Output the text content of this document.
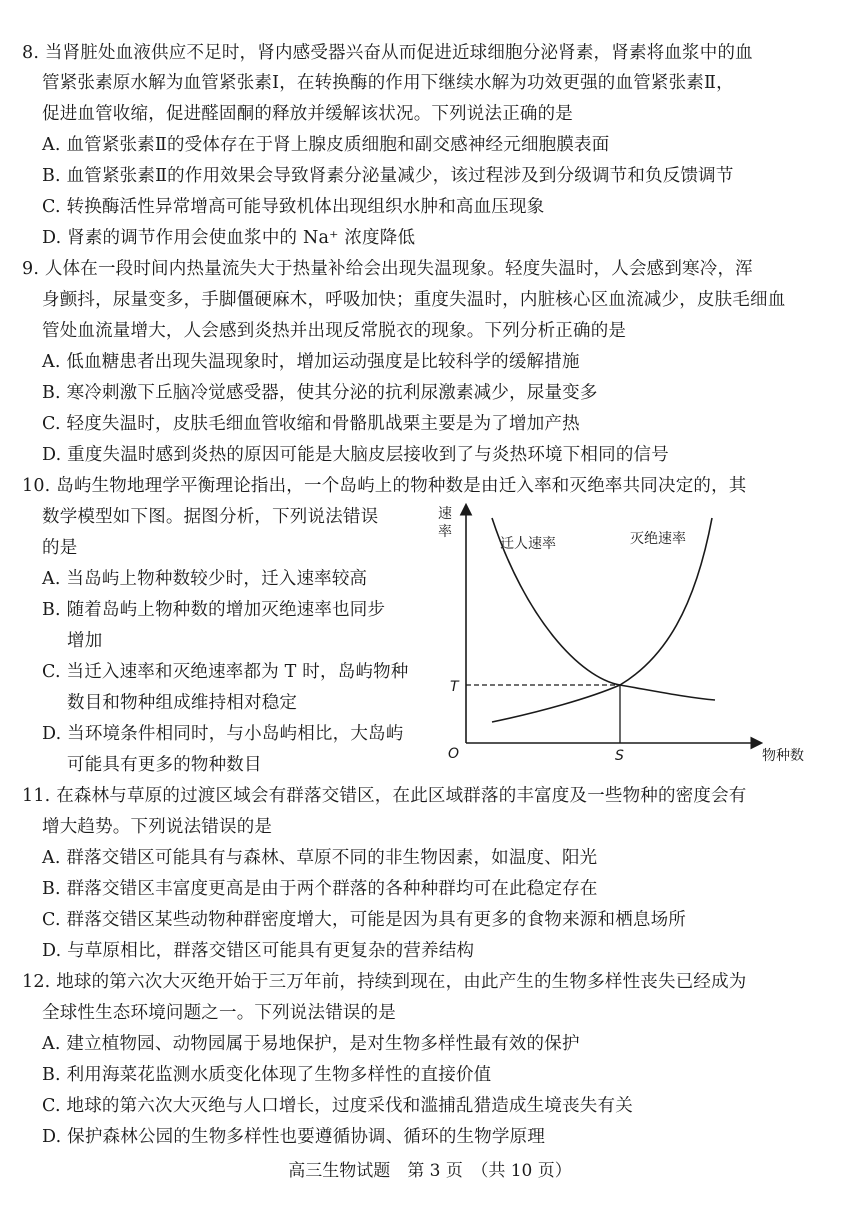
8. 当肾脏处血液供应不足时，肾内感受器兴奋从而促进近球细胞分泌肾素，肾素将血浆中的血
管紧张素原水解为血管紧张素Ⅰ，在转换酶的作用下继续水解为功效更强的血管紧张素Ⅱ，
促进血管收缩，促进醛固酮的释放并缓解该状况。下列说法正确的是
A. 血管紧张素Ⅱ的受体存在于肾上腺皮质细胞和副交感神经元细胞膜表面
B. 血管紧张素Ⅱ的作用效果会导致肾素分泌量减少，该过程涉及到分级调节和负反馈调节
C. 转换酶活性异常增高可能导致机体出现组织水肿和高血压现象
D. 肾素的调节作用会使血浆中的 Na⁺ 浓度降低
9. 人体在一段时间内热量流失大于热量补给会出现失温现象。轻度失温时，人会感到寒冷，浑
身颤抖，尿量变多，手脚僵硬麻木，呼吸加快；重度失温时，内脏核心区血流减少，皮肤毛细血
管处血流量增大，人会感到炎热并出现反常脱衣的现象。下列分析正确的是
A. 低血糖患者出现失温现象时，增加运动强度是比较科学的缓解措施
B. 寒冷刺激下丘脑冷觉感受器，使其分泌的抗利尿激素减少，尿量变多
C. 轻度失温时，皮肤毛细血管收缩和骨骼肌战栗主要是为了增加产热
D. 重度失温时感到炎热的原因可能是大脑皮层接收到了与炎热环境下相同的信号
10. 岛屿生物地理学平衡理论指出，一个岛屿上的物种数是由迁入率和灭绝率共同决定的，其
数学模型如下图。据图分析，下列说法错误
的是
A. 当岛屿上物种数较少时，迁入速率较高
B. 随着岛屿上物种数的增加灭绝速率也同步
增加
C. 当迁入速率和灭绝速率都为 T 时，岛屿物种
数目和物种组成维持相对稳定
D. 当环境条件相同时，与小岛屿相比，大岛屿
可能具有更多的物种数目
速
率
物种数
O
T
S
迁人速率	灭绝速率
11. 在森林与草原的过渡区域会有群落交错区，在此区域群落的丰富度及一些物种的密度会有
增大趋势。下列说法错误的是
A. 群落交错区可能具有与森林、草原不同的非生物因素，如温度、阳光
B. 群落交错区丰富度更高是由于两个群落的各种种群均可在此稳定存在
C. 群落交错区某些动物种群密度增大，可能是因为具有更多的食物来源和栖息场所
D. 与草原相比，群落交错区可能具有更复杂的营养结构
12. 地球的第六次大灭绝开始于三万年前，持续到现在，由此产生的生物多样性丧失已经成为
全球性生态环境问题之一。下列说法错误的是
A. 建立植物园、动物园属于易地保护，是对生物多样性最有效的保护
B. 利用海菜花监测水质变化体现了生物多样性的直接价值
C. 地球的第六次大灭绝与人口增长，过度采伐和滥捕乱猎造成生境丧失有关
D. 保护森林公园的生物多样性也要遵循协调、循环的生物学原理
高三生物试题　第 3 页　（共 10 页）
